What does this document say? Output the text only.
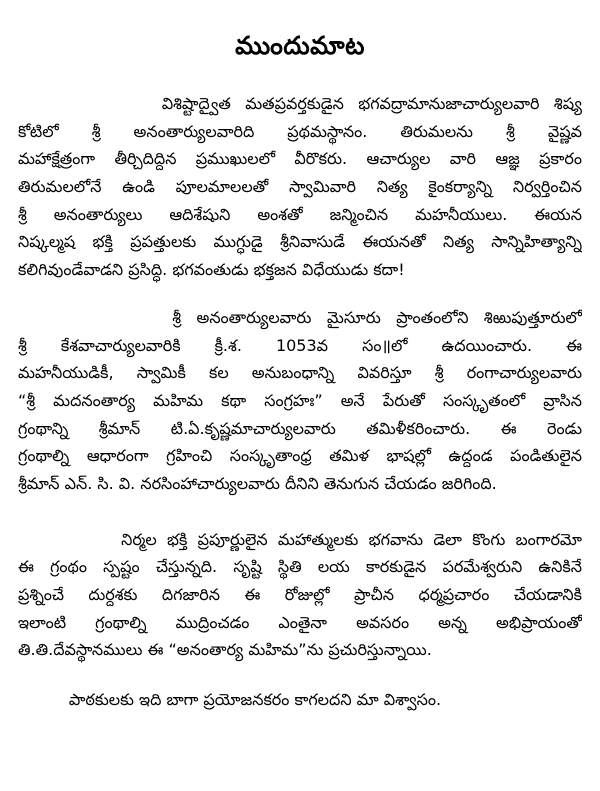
ముందుమాట
విశిష్టాద్వైత మతప్రవర్తకుడైన భగవద్రామానుజాచార్యులవారి శిష్య
కోటిలో శ్రీ అనంతార్యులవారిది ప్రథమస్థానం. తిరుమలను శ్రీ వైష్ణవ
మహాక్షేత్రంగా తీర్చిదిద్దిన ప్రముఖులలో వీరొకరు. ఆచార్యుల వారి ఆజ్ఞ ప్రకారం
తిరుమలలోనే ఉండి పూలమాలలతో స్వామివారి నిత్య కైంకర్యాన్ని నిర్వర్తించిన
శ్రీ అనంతార్యులు ఆదిశేషుని అంశతో జన్మించిన మహనీయులు. ఈయన
నిష్కల్మష భక్తి ప్రపత్తులకు ముగ్ధుడై శ్రీనివాసుడే ఈయనతో నిత్య సాన్నిహిత్యాన్ని
కలిగివుండేవాడని ప్రసిద్ధి. భగవంతుడు భక్తజన విధేయుడు కదా!
శ్రీ అనంతార్యులవారు మైసూరు ప్రాంతంలోని శిఱుపుత్తూరులో
శ్రీ కేశవాచార్యులవారికి క్రీ.శ. 1053వ సం॥లో ఉదయించారు. ఈ
మహనీయుడికీ, స్వామికీ కల అనుబంధాన్ని వివరిస్తూ శ్రీ రంగాచార్యులవారు
“శ్రీ మదనంతార్య మహిమ కథా సంగ్రహః” అనే పేరుతో సంస్కృతంలో వ్రాసిన
గ్రంథాన్ని శ్రీమాన్ టి.ఏ.కృష్ణమాచార్యులవారు తమిళీకరించారు. ఈ రెండు
గ్రంథాల్ని ఆధారంగా గ్రహించి సంస్కృతాంధ్ర తమిళ భాషల్లో ఉద్దండ పండితులైన
శ్రీమాన్ ఎన్. సి. వి. నరసింహాచార్యులవారు దీనిని తెనుగున చేయడం జరిగింది.
నిర్మల భక్తి ప్రపూర్ణులైన మహాత్ములకు భగవాను డెలా కొంగు బంగారమో
ఈ గ్రంథం స్పష్టం చేస్తున్నది. సృష్టి స్థితి లయ కారకుడైన పరమేశ్వరుని ఉనికినే
ప్రశ్నించే దుర్దశకు దిగజారిన ఈ రోజుల్లో ప్రాచీన ధర్మప్రచారం చేయడానికి
ఇలాంటి గ్రంథాల్ని ముద్రించడం ఎంతైనా అవసరం అన్న అభిప్రాయంతో
తి.తి.దేవస్థానములు ఈ “అనంతార్య మహిమ”ను ప్రచురిస్తున్నాయి.
పాఠకులకు ఇది బాగా ప్రయోజనకరం కాగలదని మా విశ్వాసం.
